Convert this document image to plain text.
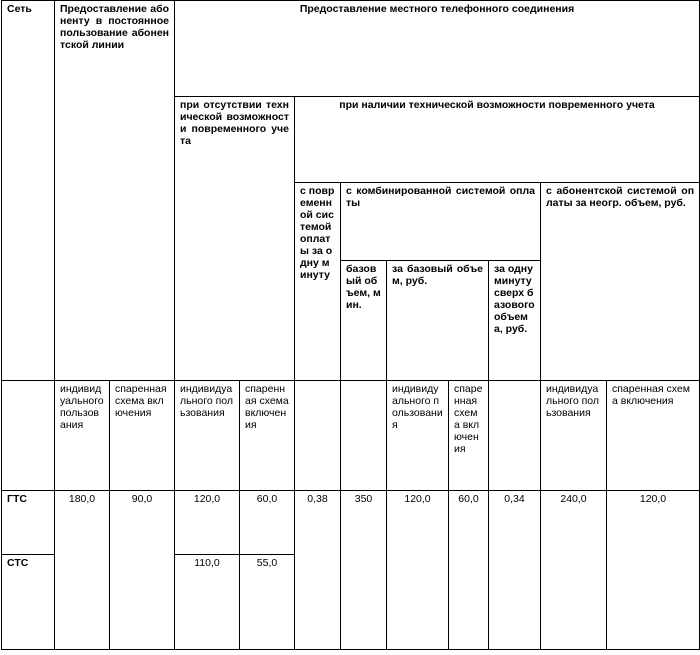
Сеть	Предоставление абоненту в постоянное пользование абонентской линии		Предоставление местного телефонного соединения								
			при отсутствии технической возможности повременного учета		при наличии технической возможности повременного учета						
					с повременной системой оплаты за одну минуту	с комбинированной системой оплаты				с абонентской системой оплаты за неогр. объем, руб.	
						базовый объем, мин.	за базовый объем, руб.		за одну минуту сверх базового объема, руб.		
	индивидуального пользования	спаренная схема включения	индивидуального пользования	спаренная схема включения			индивидуального пользования	спаренная схема включения		индивидуального пользования	спаренная схема включения
ГТС	180,0	90,0	120,0	60,0	0,38	350	120,0	60,0	0,34	240,0	120,0
СТС			110,0	55,0							
